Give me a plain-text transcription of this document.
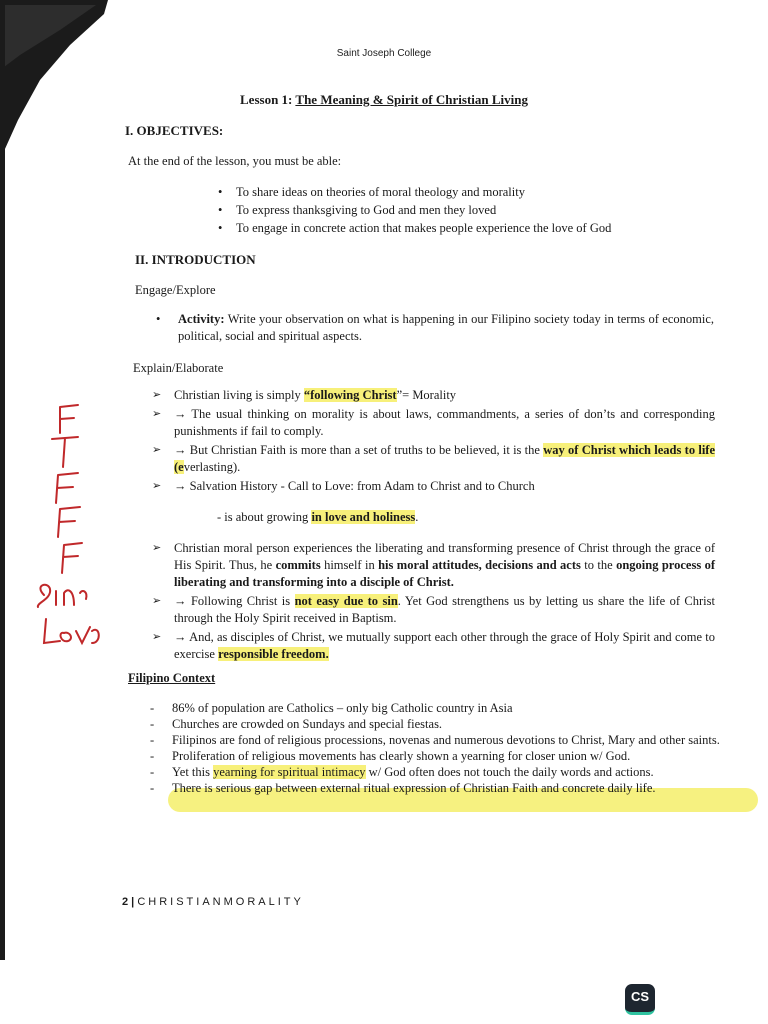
Saint Joseph College
Lesson 1: The Meaning & Spirit of Christian Living
I. OBJECTIVES:
At the end of the lesson, you must be able:
• To share ideas on theories of moral theology and morality
• To express thanksgiving to God and men they loved
• To engage in concrete action that makes people experience the love of God
II. INTRODUCTION
Engage/Explore
•	Activity: Write your observation on what is happening in our Filipino society today in terms of economic, political, social and spiritual aspects.
Explain/Elaborate
➢ Christian living is simply “following Christ”= Morality
➢ → The usual thinking on morality is about laws, commandments, a series of don’ts and corresponding punishments if fail to comply.
➢ → But Christian Faith is more than a set of truths to be believed, it is the way of Christ which leads to life (everlasting).
➢ → Salvation History - Call to Love: from Adam to Christ and to Church
- is about growing in love and holiness.
➢ Christian moral person experiences the liberating and transforming presence of Christ through the grace of His Spirit. Thus, he commits himself in his moral attitudes, decisions and acts to the ongoing process of liberating and transforming into a disciple of Christ.
➢ → Following Christ is not easy due to sin. Yet God strengthens us by letting us share the life of Christ through the Holy Spirit received in Baptism.
➢ → And, as disciples of Christ, we mutually support each other through the grace of Holy Spirit and come to exercise responsible freedom.
Filipino Context
- 86% of population are Catholics – only big Catholic country in Asia
- Churches are crowded on Sundays and special fiestas.
- Filipinos are fond of religious processions, novenas and numerous devotions to Christ, Mary and other saints.
- Proliferation of religious movements has clearly shown a yearning for closer union w/ God.
- Yet this yearning for spiritual intimacy w/ God often does not touch the daily words and actions.
- There is serious gap between external ritual expression of Christian Faith and concrete daily life.
2 | CHRISTIANMORALITY
CS
